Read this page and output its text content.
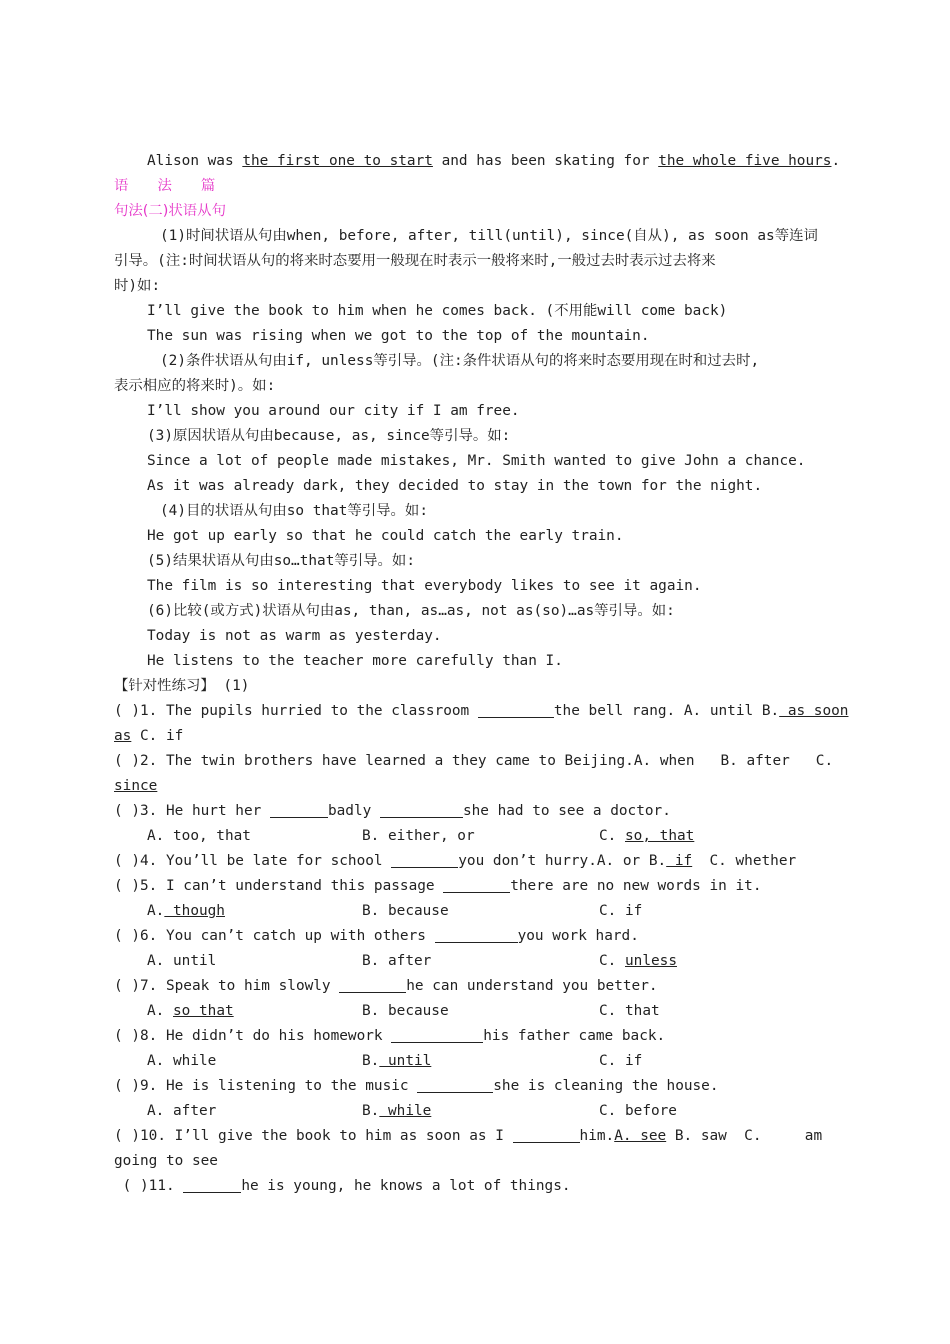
Alison was the first one to start and has been skating for the whole five hours.
语 法 篇
句法(二)状语从句
(1)时间状语从句由when, before, after, till(until), since(自从), as soon as等连词
引导。(注:时间状语从句的将来时态要用一般现在时表示一般将来时,一般过去时表示过去将来
时)如:
I’ll give the book to him when he comes back. (不用能will come back)
The sun was rising when we got to the top of the mountain.
(2)条件状语从句由if, unless等引导。(注:条件状语从句的将来时态要用现在时和过去时,
表示相应的将来时)。如:
I’ll show you around our city if I am free.
(3)原因状语从句由because, as, since等引导。如:
Since a lot of people made mistakes, Mr. Smith wanted to give John a chance.
As it was already dark, they decided to stay in the town for the night.
(4)目的状语从句由so that等引导。如:
He got up early so that he could catch the early train.
(5)结果状语从句由so…that等引导。如:
The film is so interesting that everybody likes to see it again.
(6)比较(或方式)状语从句由as, than, as…as, not as(so)…as等引导。如:
Today is not as warm as yesterday.
He listens to the teacher more carefully than I.
【针对性练习】 (1)
( )1. The pupils hurried to the classroom	the bell rang. A. until B. as soon
as C. if
( )2. The twin brothers have learned a they came to Beijing.A. when   B. after   C.
since
( )3. He hurt her	badly	she had to see a doctor.

A. too, that

	B. either, or

	C. so, that

( )4. You’ll be late for school	you don’t hurry.A. or B. if  C. whether
( )5. I can’t understand this passage	there are no new words in it.

A. though

	B. because

	C. if

( )6. You can’t catch up with others	you work hard.

A. until

	B. after

	C. unless

( )7. Speak to him slowly	he can understand you better.

A. so that

	B. because

	C. that

( )8. He didn’t do his homework	his father came back.

A. while

	B. until

	C. if

( )9. He is listening to the music	she is cleaning the house.

A. after

	B. while

	C. before

( )10. I’ll give the book to him as soon as I	him.A. see B. saw  C.     am
going to see
( )11.	he is young, he knows a lot of things.
